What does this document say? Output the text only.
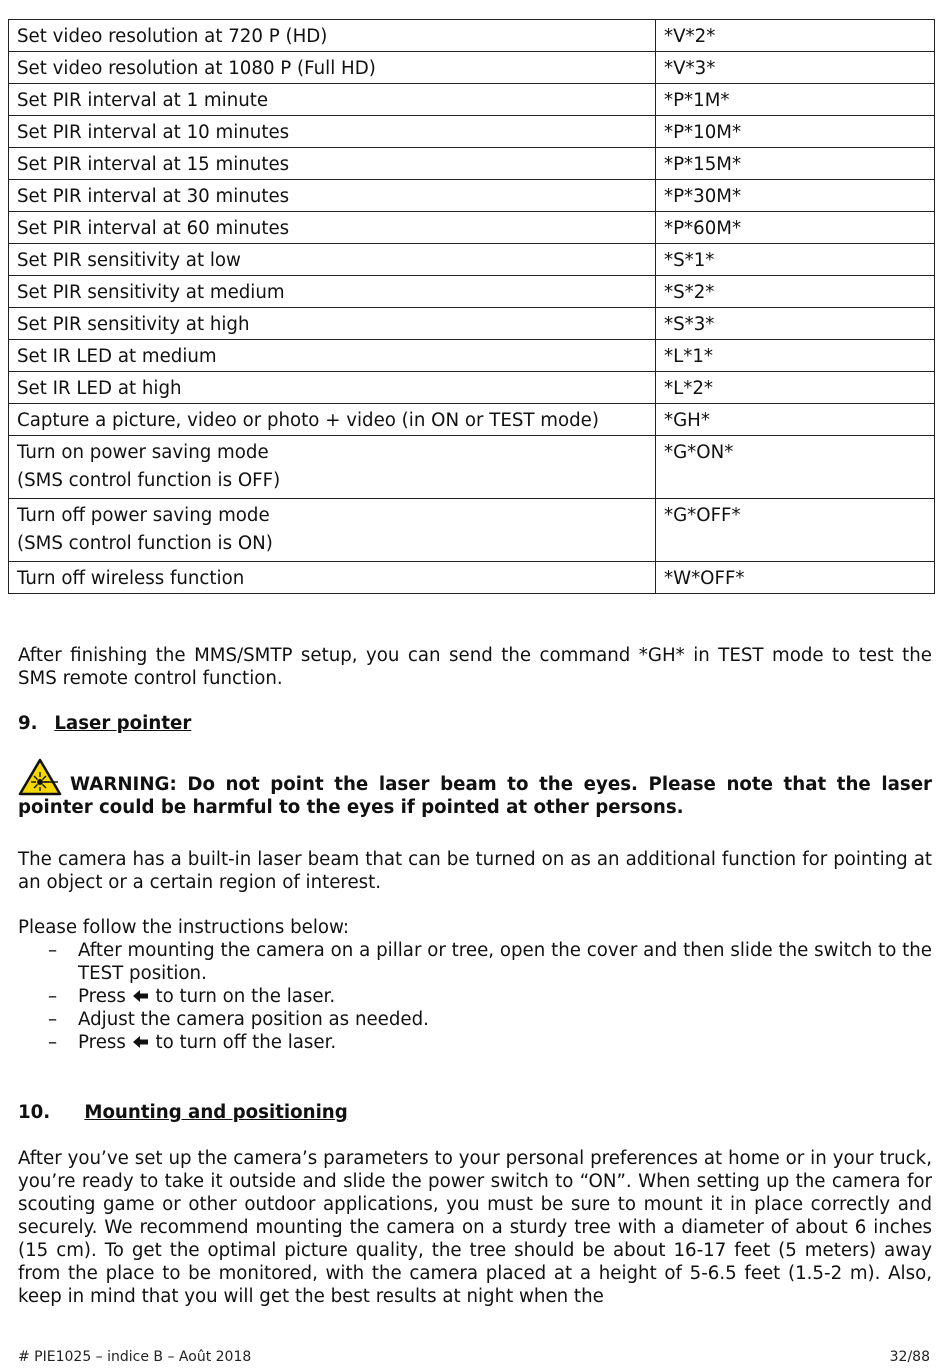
Set video resolution at 720 P (HD)	*V*2*

Set video resolution at 1080 P (Full HD)	*V*3*

Set PIR interval at 1 minute	*P*1M*

Set PIR interval at 10 minutes	*P*10M*

Set PIR interval at 15 minutes	*P*15M*

Set PIR interval at 30 minutes	*P*30M*

Set PIR interval at 60 minutes	*P*60M*

Set PIR sensitivity at low	*S*1*

Set PIR sensitivity at medium	*S*2*

Set PIR sensitivity at high	*S*3*

Set IR LED at medium	*L*1*

Set IR LED at high	*L*2*

Capture a picture, video or photo + video (in ON or TEST mode)	*GH*

Turn on power saving mode
(SMS control function is OFF)	*G*ON*

Turn off power saving mode
(SMS control function is ON)	*G*OFF*

Turn off wireless function	*W*OFF*
After finishing the MMS/SMTP setup, you can send the command *GH* in TEST mode to test the SMS remote control function.
9. Laser pointer
WARNING: Do not point the laser beam to the eyes. Please note that the laser pointer could be harmful to the eyes if pointed at other persons.
The camera has a built-in laser beam that can be turned on as an additional function for pointing at an object or a certain region of interest.
Please follow the instructions below:
– After mounting the camera on a pillar or tree, open the cover and then slide the switch to the TEST position.
– Press to turn on the laser.
– Adjust the camera position as needed.
– Press to turn off the laser.
10. Mounting and positioning
After you’ve set up the camera’s parameters to your personal preferences at home or in your truck, you’re ready to take it outside and slide the power switch to “ON”. When setting up the camera for scouting game or other outdoor applications, you must be sure to mount it in place correctly and securely. We recommend mounting the camera on a sturdy tree with a diameter of about 6 inches (15 cm). To get the optimal picture quality, the tree should be about 16-17 feet (5 meters) away from the place to be monitored, with the camera placed at a height of 5-6.5 feet (1.5-2 m). Also, keep in mind that you will get the best results at night when the
# PIE1025 – indice B – Août 2018	32/88
